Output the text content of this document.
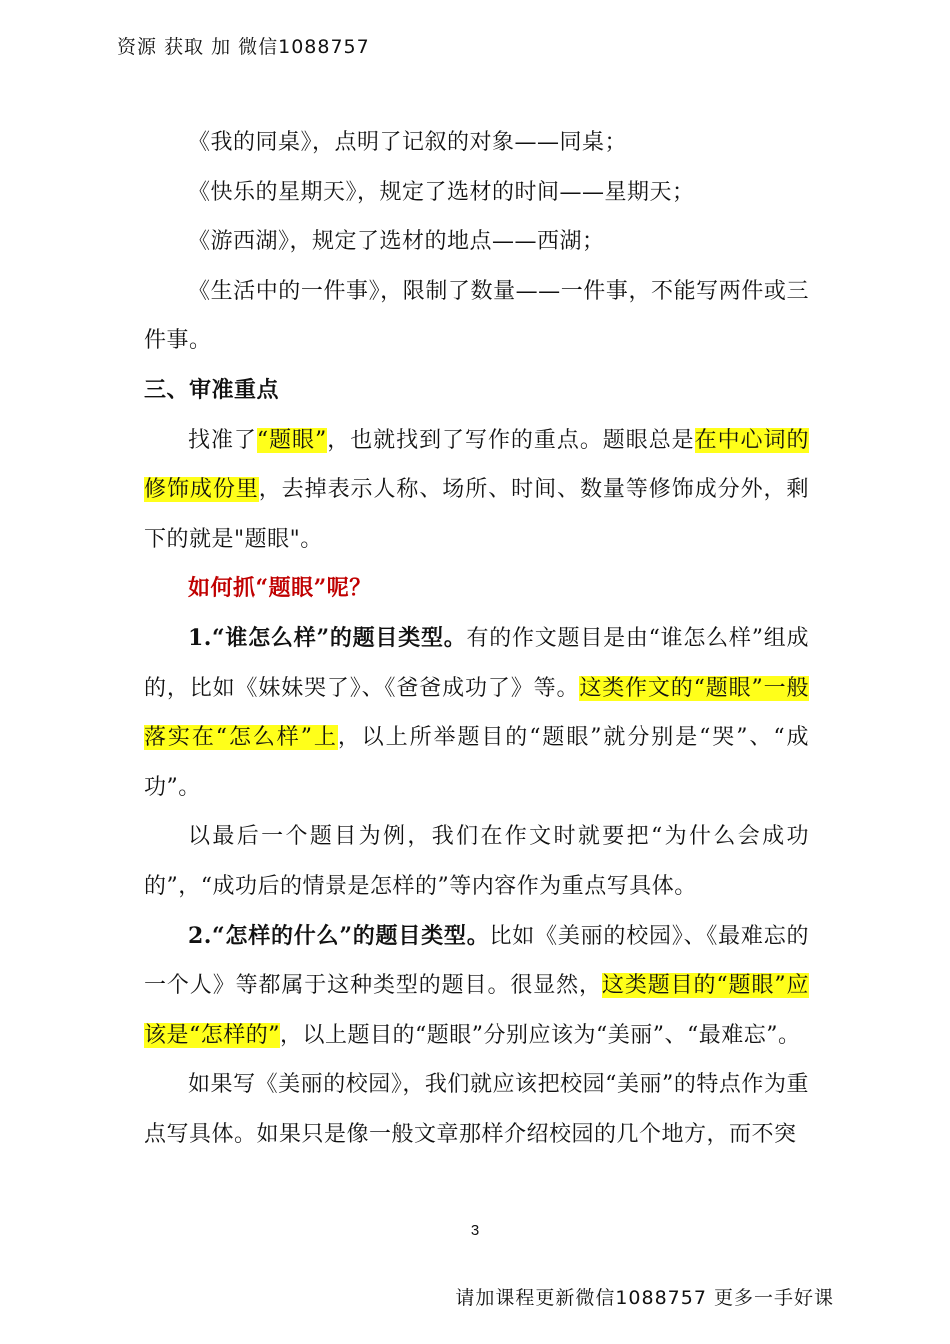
资源 获取 加 微信1088757

《我的同桌》，点明了记叙的对象——同桌；

《快乐的星期天》，规定了选材的时间——星期天；

《游西湖》，规定了选材的地点——西湖；

《生活中的一件事》，限制了数量——一件事，不能写两件或三件事。

三、审准重点

找准了“题眼”，也就找到了写作的重点。题眼总是在中心词的修饰成份里，去掉表示人称、场所、时间、数量等修饰成分外，剩下的就是"题眼"。

如何抓“题眼”呢？

1.“谁怎么样”的题目类型。有的作文题目是由“谁怎么样”组成的，比如《妹妹哭了》、《爸爸成功了》等。这类作文的“题眼”一般落实在“怎么样”上，以上所举题目的“题眼”就分别是“哭”、“成功”。

以最后一个题目为例，我们在作文时就要把“为什么会成功的”，“成功后的情景是怎样的”等内容作为重点写具体。

2.“怎样的什么”的题目类型。比如《美丽的校园》、《最难忘的一个人》等都属于这种类型的题目。很显然，这类题目的“题眼”应该是“怎样的”，以上题目的“题眼”分别应该为“美丽”、“最难忘”。

如果写《美丽的校园》，我们就应该把校园“美丽”的特点作为重点写具体。如果只是像一般文章那样介绍校园的几个地方，而不突

3
请加课程更新微信1088757 更多一手好课
